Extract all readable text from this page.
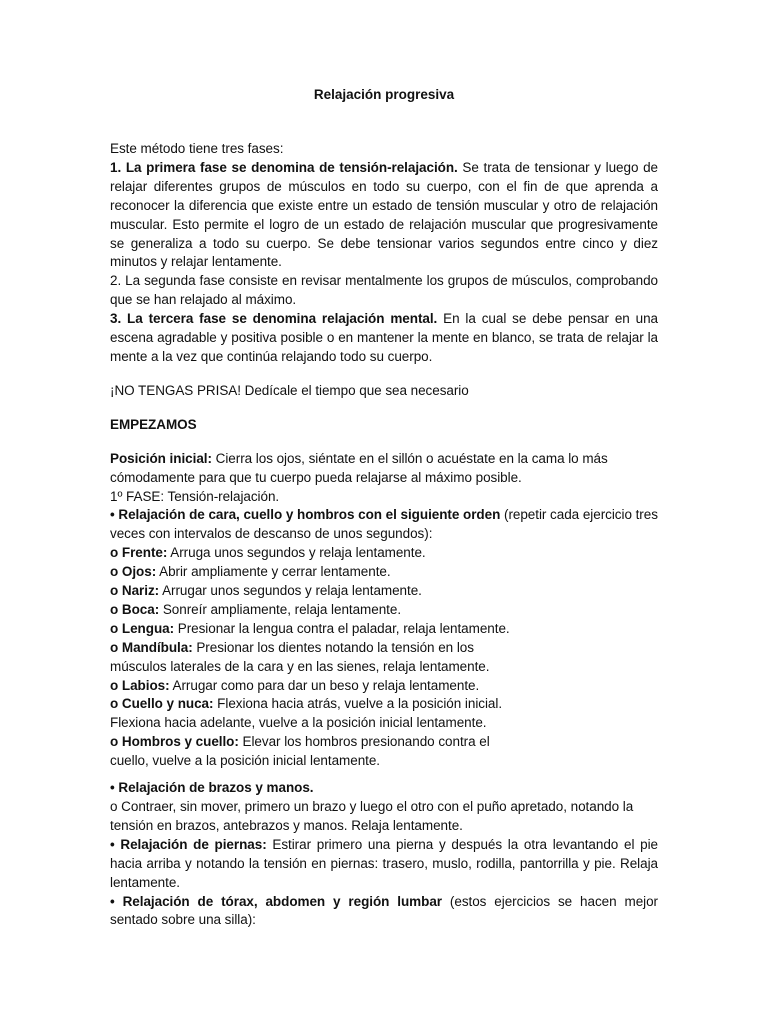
Relajación progresiva

Este método tiene tres fases:

1. La primera fase se denomina de tensión-relajación. Se trata de tensionar y luego de relajar diferentes grupos de músculos en todo su cuerpo, con el fin de que aprenda a reconocer la diferencia que existe entre un estado de tensión muscular y otro de relajación muscular. Esto permite el logro de un estado de relajación muscular que progresivamente se generaliza a todo su cuerpo. Se debe tensionar varios segundos entre cinco y diez minutos y relajar lentamente.

2. La segunda fase consiste en revisar mentalmente los grupos de músculos, comprobando que se han relajado al máximo.

3. La tercera fase se denomina relajación mental. En la cual se debe pensar en una escena agradable y positiva posible o en mantener la mente en blanco, se trata de relajar la mente a la vez que continúa relajando todo su cuerpo.

¡NO TENGAS PRISA! Dedícale el tiempo que sea necesario

EMPEZAMOS

Posición inicial: Cierra los ojos, siéntate en el sillón o acuéstate en la cama lo más cómodamente para que tu cuerpo pueda relajarse al máximo posible.

1º FASE: Tensión-relajación.

• Relajación de cara, cuello y hombros con el siguiente orden (repetir cada ejercicio tres veces con intervalos de descanso de unos segundos):

o Frente: Arruga unos segundos y relaja lentamente.

o Ojos: Abrir ampliamente y cerrar lentamente.

o Nariz: Arrugar unos segundos y relaja lentamente.

o Boca: Sonreír ampliamente, relaja lentamente.

o Lengua: Presionar la lengua contra el paladar, relaja lentamente.

o Mandíbula: Presionar los dientes notando la tensión en los

músculos laterales de la cara y en las sienes, relaja lentamente.

o Labios: Arrugar como para dar un beso y relaja lentamente.

o Cuello y nuca: Flexiona hacia atrás, vuelve a la posición inicial.

Flexiona hacia adelante, vuelve a la posición inicial lentamente.

o Hombros y cuello: Elevar los hombros presionando contra el

cuello, vuelve a la posición inicial lentamente.

• Relajación de brazos y manos.

o Contraer, sin mover, primero un brazo y luego el otro con el puño apretado, notando la tensión en brazos, antebrazos y manos. Relaja lentamente.

• Relajación de piernas: Estirar primero una pierna y después la otra levantando el pie hacia arriba y notando la tensión en piernas: trasero, muslo, rodilla, pantorrilla y pie. Relaja lentamente.

• Relajación de tórax, abdomen y región lumbar (estos ejercicios se hacen mejor sentado sobre una silla):
